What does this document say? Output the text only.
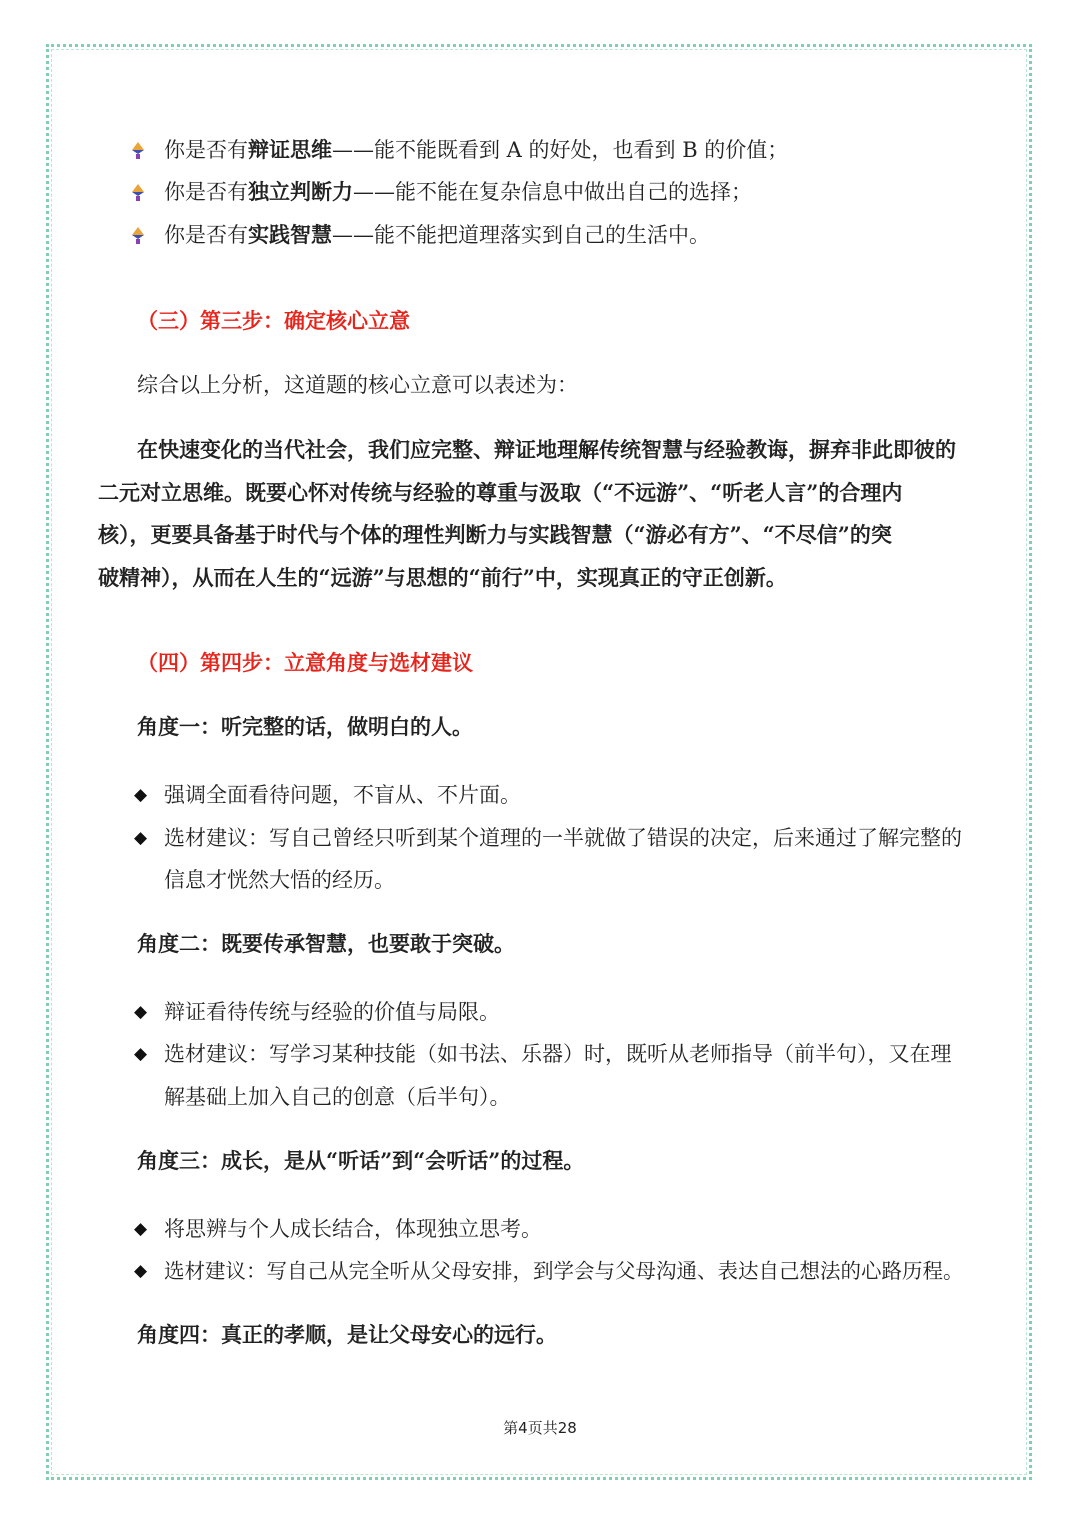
你是否有辩证思维——能不能既看到 A 的好处，也看到 B 的价值；
你是否有独立判断力——能不能在复杂信息中做出自己的选择；
你是否有实践智慧——能不能把道理落实到自己的生活中。
（三）第三步：确定核心立意
综合以上分析，这道题的核心立意可以表述为：
在快速变化的当代社会，我们应完整、辩证地理解传统智慧与经验教诲，摒弃非此即彼的
二元对立思维。既要心怀对传统与经验的尊重与汲取（“不远游”、“听老人言”的合理内
核），更要具备基于时代与个体的理性判断力与实践智慧（“游必有方”、“不尽信”的突
破精神），从而在人生的“远游”与思想的“前行”中，实现真正的守正创新。
（四）第四步：立意角度与选材建议
角度一：听完整的话，做明白的人。
◆ 强调全面看待问题，不盲从、不片面。
◆ 选材建议：写自己曾经只听到某个道理的一半就做了错误的决定，后来通过了解完整的
信息才恍然大悟的经历。
角度二：既要传承智慧，也要敢于突破。
◆ 辩证看待传统与经验的价值与局限。
◆ 选材建议：写学习某种技能（如书法、乐器）时，既听从老师指导（前半句），又在理
解基础上加入自己的创意（后半句）。
角度三：成长，是从“听话”到“会听话”的过程。
◆ 将思辨与个人成长结合，体现独立思考。
◆ 选材建议：写自己从完全听从父母安排，到学会与父母沟通、表达自己想法的心路历程。
角度四：真正的孝顺，是让父母安心的远行。
第4页共28
